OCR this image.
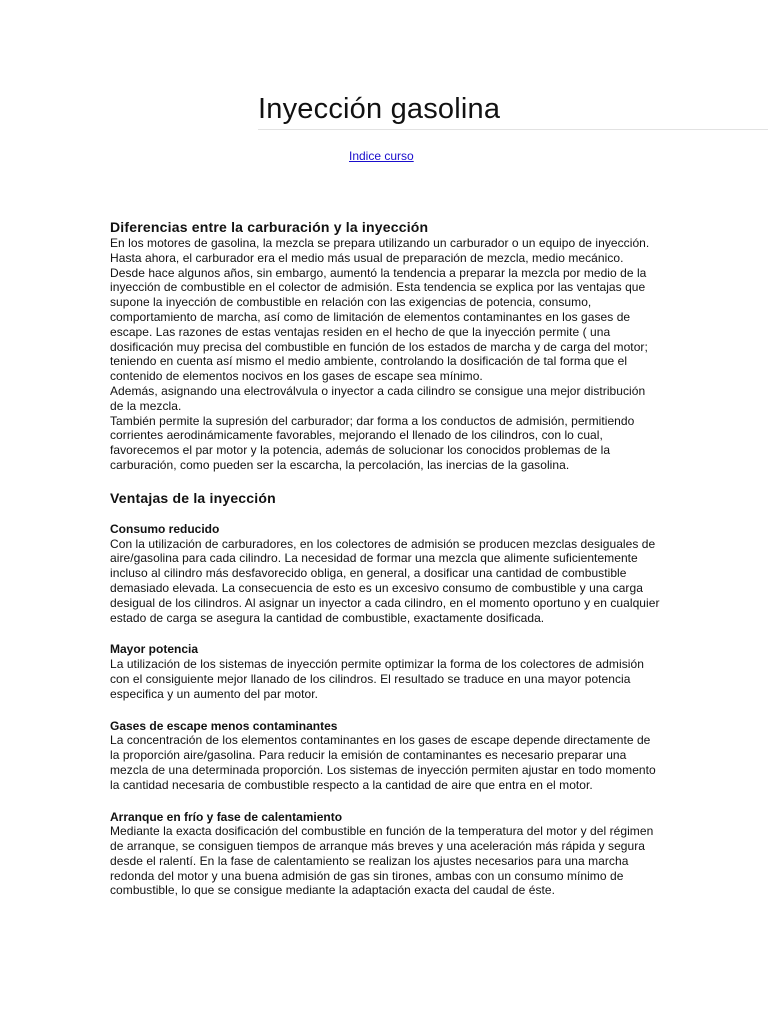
Inyección gasolina
Indice curso
Diferencias entre la carburación y la inyección

En los motores de gasolina, la mezcla se prepara utilizando un carburador o un equipo de inyección. Hasta ahora, el carburador era el medio más usual de preparación de mezcla, medio mecánico. Desde hace algunos años, sin embargo, aumentó la tendencia a preparar la mezcla por medio de la inyección de combustible en el colector de admisión. Esta tendencia se explica por las ventajas que supone la inyección de combustible en relación con las exigencias de potencia, consumo, comportamiento de marcha, así como de limitación de elementos contaminantes en los gases de escape. Las razones de estas ventajas residen en el hecho de que la inyección permite ( una dosificación muy precisa del combustible en función de los estados de marcha y de carga del motor; teniendo en cuenta así mismo el medio ambiente, controlando la dosificación de tal forma que el contenido de elementos nocivos en los gases de escape sea mínimo.

Además, asignando una electroválvula o inyector a cada cilindro se consigue una mejor distribución de la mezcla.

También permite la supresión del carburador; dar forma a los conductos de admisión, permitiendo corrientes aerodinámicamente favorables, mejorando el llenado de los cilindros, con lo cual, favorecemos el par motor y la potencia, además de solucionar los conocidos problemas de la carburación, como pueden ser la escarcha, la percolación, las inercias de la gasolina.

Ventajas de la inyección
Consumo reducido

Con la utilización de carburadores, en los colectores de admisión se producen mezclas desiguales de aire/gasolina para cada cilindro. La necesidad de formar una mezcla que alimente suficientemente incluso al cilindro más desfavorecido obliga, en general, a dosificar una cantidad de combustible demasiado elevada. La consecuencia de esto es un excesivo consumo de combustible y una carga desigual de los cilindros. Al asignar un inyector a cada cilindro, en el momento oportuno y en cualquier estado de carga se asegura la cantidad de combustible, exactamente dosificada.

Mayor potencia

La utilización de los sistemas de inyección permite optimizar la forma de los colectores de admisión con el consiguiente mejor llanado de los cilindros. El resultado se traduce en una mayor potencia especifica y un aumento del par motor.

Gases de escape menos contaminantes

La concentración de los elementos contaminantes en los gases de escape depende directamente de la proporción aire/gasolina. Para reducir la emisión de contaminantes es necesario preparar una mezcla de una determinada proporción. Los sistemas de inyección permiten ajustar en todo momento la cantidad necesaria de combustible respecto a la cantidad de aire que entra en el motor.

Arranque en frío y fase de calentamiento

Mediante la exacta dosificación del combustible en función de la temperatura del motor y del régimen de arranque, se consiguen tiempos de arranque más breves y una aceleración más rápida y segura desde el ralentí. En la fase de calentamiento se realizan los ajustes necesarios para una marcha redonda del motor y una buena admisión de gas sin tirones, ambas con un consumo mínimo de combustible, lo que se consigue mediante la adaptación exacta del caudal de éste.
